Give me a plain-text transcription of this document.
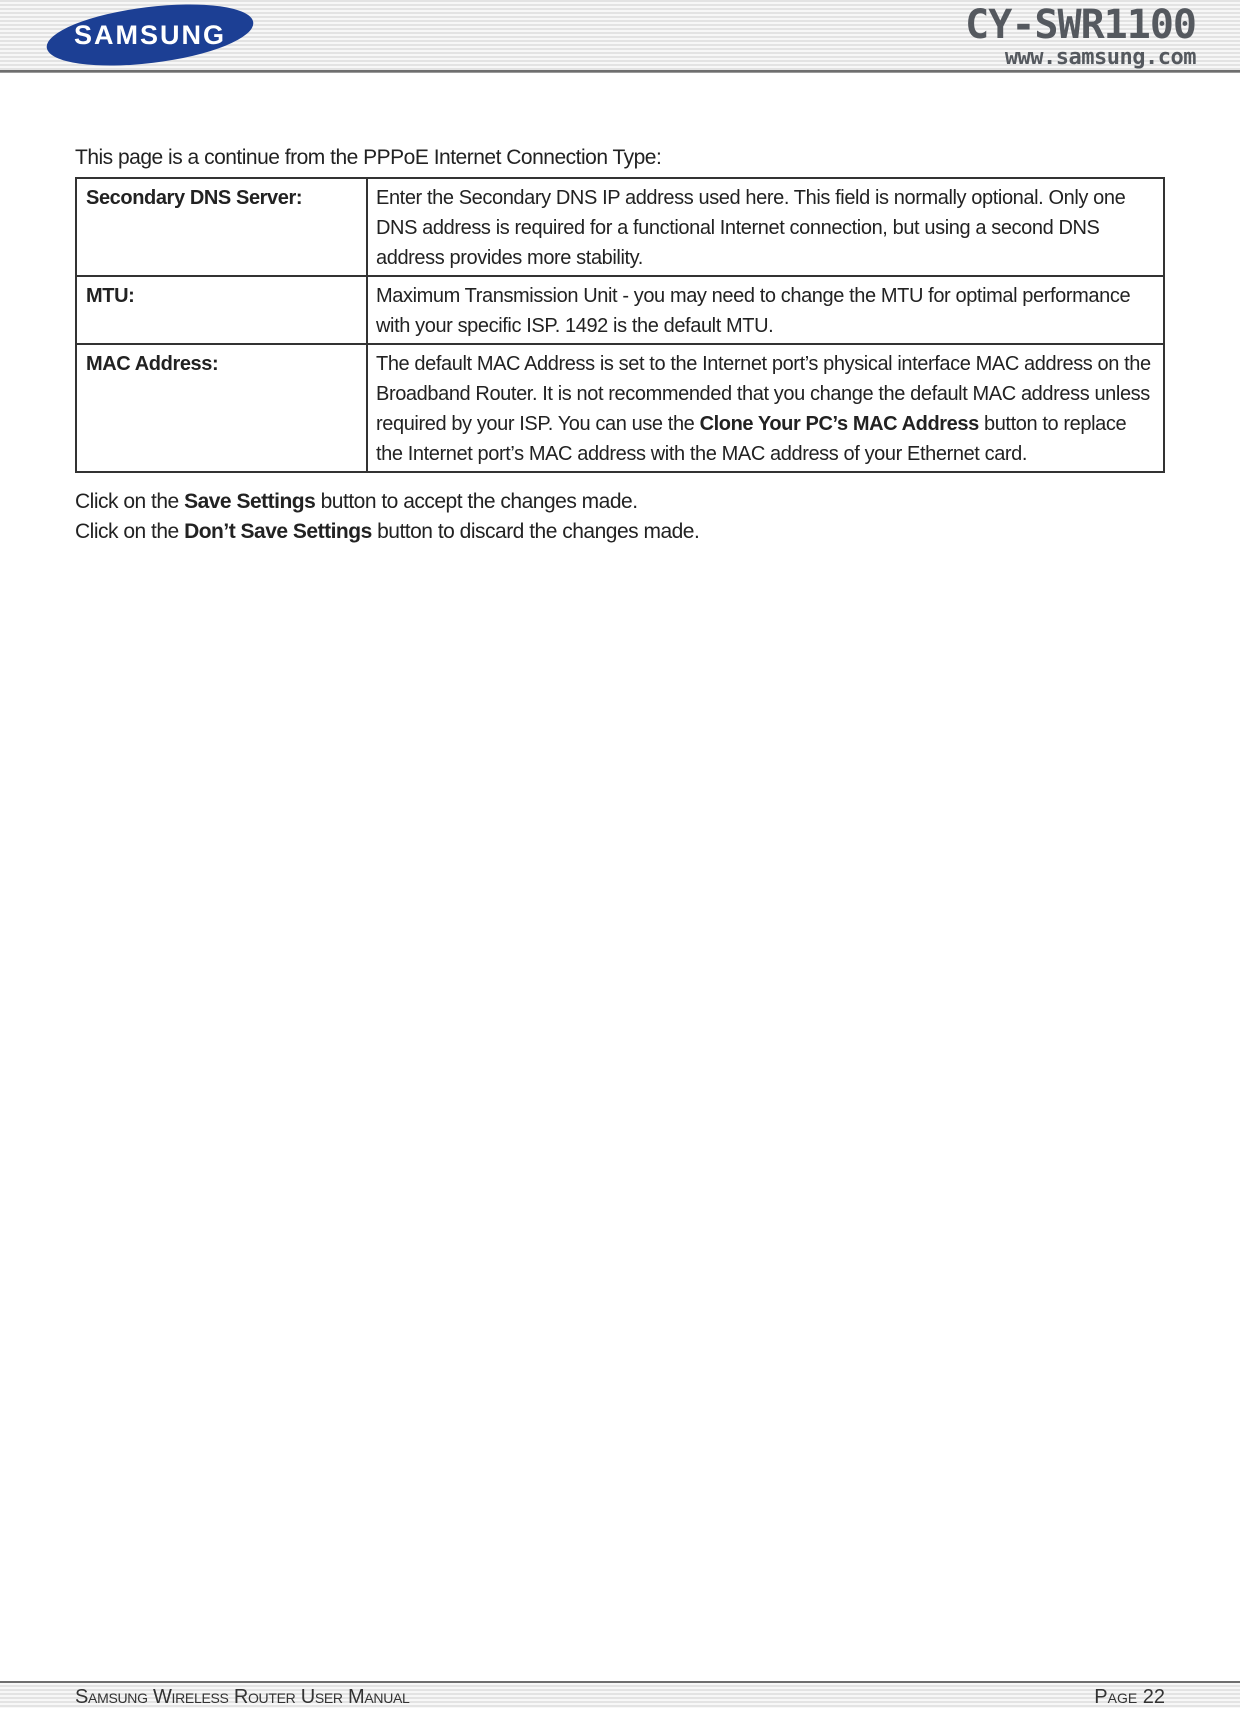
SAMSUNG	CY-SWR1100
www.samsung.com
This page is a continue from the PPPoE Internet Connection Type:
Secondary DNS Server:	Enter the Secondary DNS IP address used here. This field is normally optional. Only one DNS address is required for a functional Internet connection, but using a second DNS address provides more stability.
MTU:	Maximum Transmission Unit - you may need to change the MTU for optimal performance with your specific ISP. 1492 is the default MTU.
MAC Address:	The default MAC Address is set to the Internet port’s physical interface MAC address on the Broadband Router. It is not recommended that you change the default MAC address unless required by your ISP. You can use the Clone Your PC’s MAC Address button to replace the Internet port’s MAC address with the MAC address of your Ethernet card.
Click on the Save Settings button to accept the changes made.
Click on the Don’t Save Settings button to discard the changes made.
Samsung Wireless Router User Manual	Page 22
